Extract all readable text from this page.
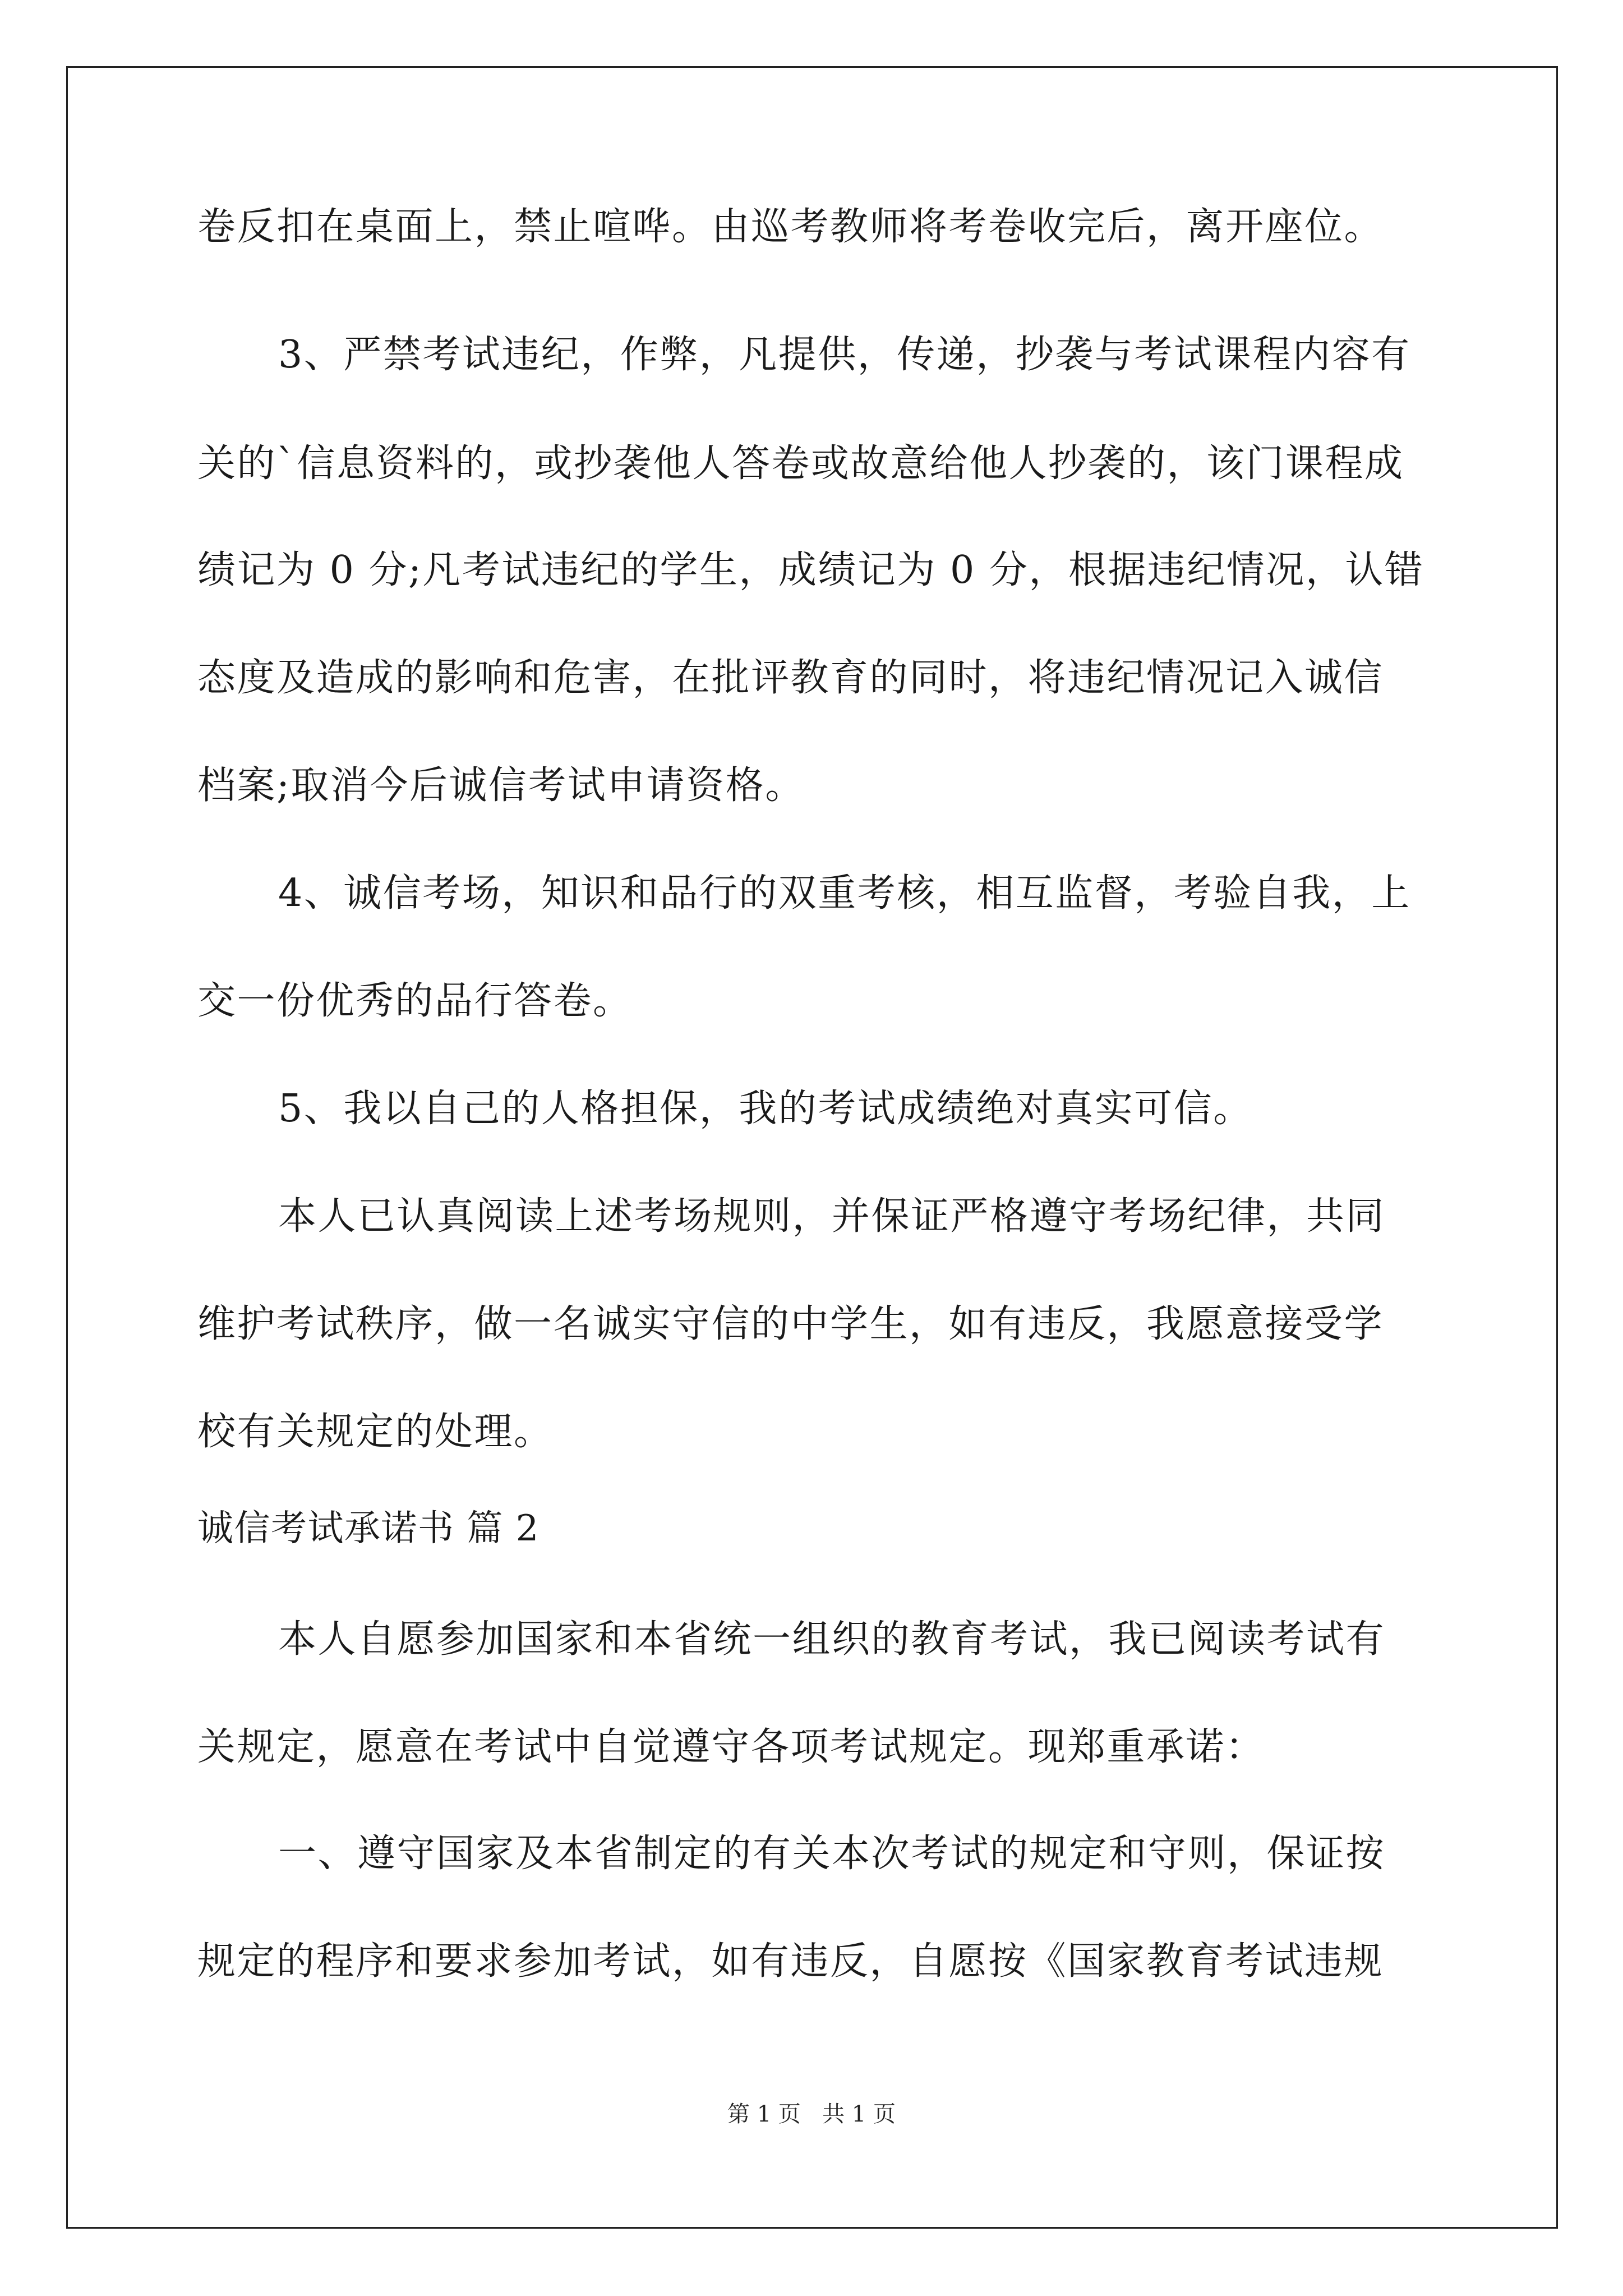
卷反扣在桌面上，禁止喧哗。由巡考教师将考卷收完后，离开座位。
3、严禁考试违纪，作弊，凡提供，传递，抄袭与考试课程内容有
关的`信息资料的，或抄袭他人答卷或故意给他人抄袭的，该门课程成
绩记为 0 分;凡考试违纪的学生，成绩记为 0 分，根据违纪情况，认错
态度及造成的影响和危害，在批评教育的同时，将违纪情况记入诚信
档案;取消今后诚信考试申请资格。
4、诚信考场，知识和品行的双重考核，相互监督，考验自我，上
交一份优秀的品行答卷。
5、我以自己的人格担保，我的考试成绩绝对真实可信。
本人已认真阅读上述考场规则，并保证严格遵守考场纪律，共同
维护考试秩序，做一名诚实守信的中学生，如有违反，我愿意接受学
校有关规定的处理。
诚信考试承诺书 篇 2
本人自愿参加国家和本省统一组织的教育考试，我已阅读考试有
关规定，愿意在考试中自觉遵守各项考试规定。现郑重承诺：
一、遵守国家及本省制定的有关本次考试的规定和守则，保证按
规定的程序和要求参加考试，如有违反，自愿按《国家教育考试违规
第 1 页   共 1 页
